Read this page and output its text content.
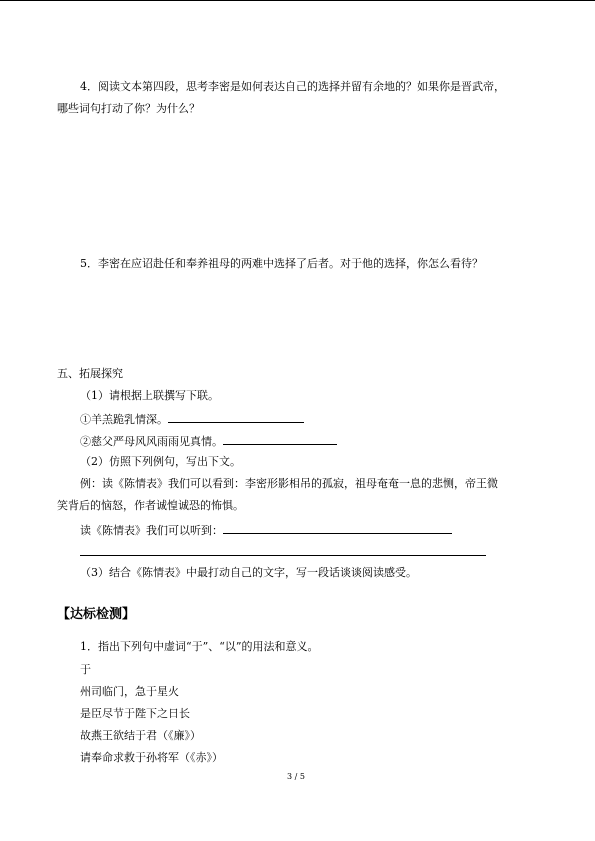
4．阅读文本第四段，思考李密是如何表达自己的选择并留有余地的？如果你是晋武帝，
哪些词句打动了你？为什么？
5．李密在应诏赴任和奉养祖母的两难中选择了后者。对于他的选择，你怎么看待？
五、拓展探究
（1）请根据上联撰写下联。
①羊羔跪乳情深。
②慈父严母风风雨雨见真情。
（2）仿照下列例句，写出下文。
例：读《陈情表》我们可以看到：李密形影相吊的孤寂，祖母奄奄一息的悲恻，帝王微
笑背后的恼怒，作者诚惶诚恐的怖惧。
读《陈情表》我们可以听到：
（3）结合《陈情表》中最打动自己的文字，写一段话谈谈阅读感受。
【达标检测】
1．指出下列句中虚词“于”、“以”的用法和意义。
于
州司临门，急于星火
是臣尽节于陛下之日长
故燕王欲结于君（《廉》）
请奉命求救于孙将军（《赤》）
3 / 5
